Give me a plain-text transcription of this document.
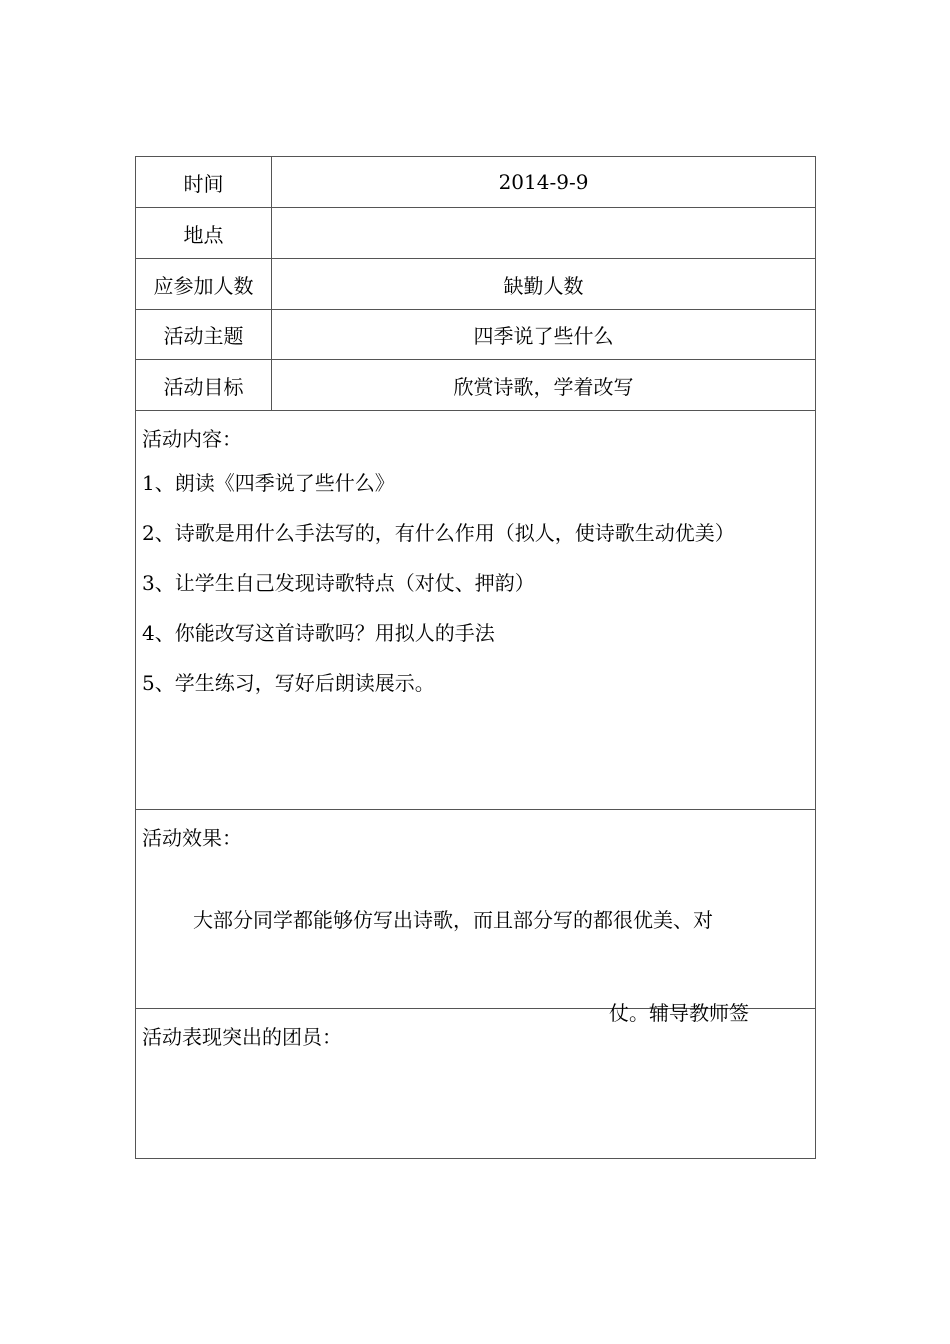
时间	2014-9-9
地点
应参加人数	缺勤人数
活动主题	四季说了些什么
活动目标	欣赏诗歌，学着改写
活动内容：
1、朗读《四季说了些什么》
2、诗歌是用什么手法写的，有什么作用（拟人，使诗歌生动优美）
3、让学生自己发现诗歌特点（对仗、押韵）
4、你能改写这首诗歌吗？用拟人的手法
5、学生练习，写好后朗读展示。
活动效果：
大部分同学都能够仿写出诗歌，而且部分写的都很优美、对
仗。辅导教师签
活动表现突出的团员：
